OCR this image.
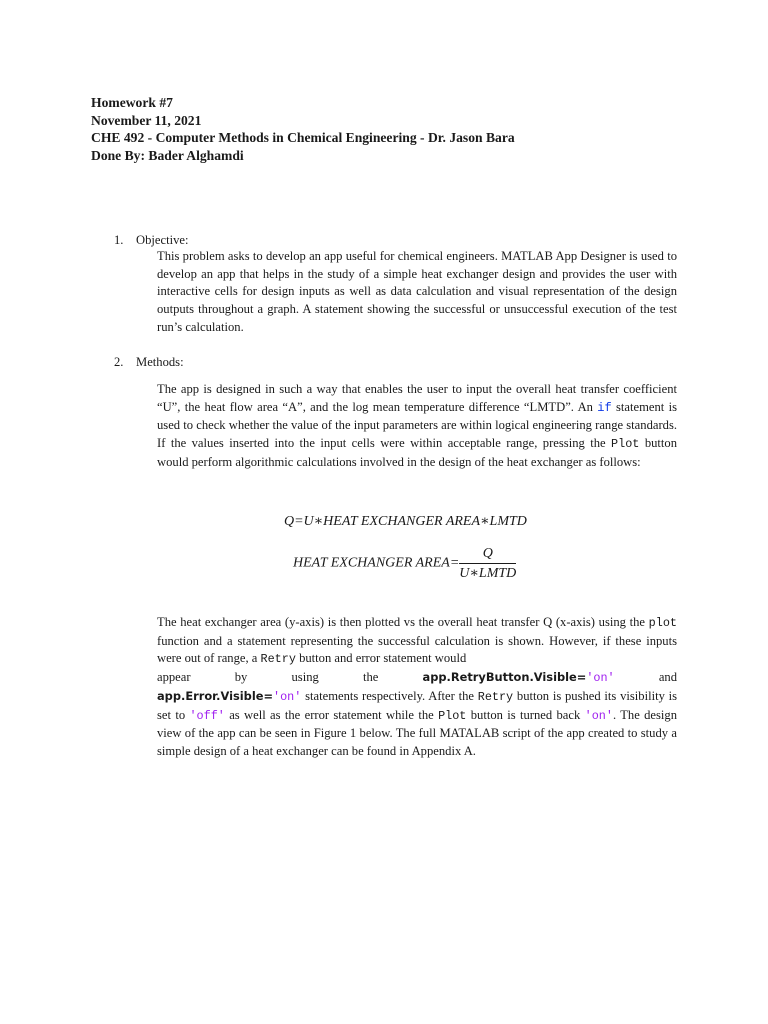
Homework #7
November 11, 2021
CHE 492 - Computer Methods in Chemical Engineering - Dr. Jason Bara
Done By: Bader Alghamdi
1. Objective:

This problem asks to develop an app useful for chemical engineers. MATLAB App Designer is used to develop an app that helps in the study of a simple heat exchanger design and provides the user with interactive cells for design inputs as well as data calculation and visual representation of the design outputs throughout a graph. A statement showing the successful or unsuccessful execution of the test run’s calculation.

2. Methods:

The app is designed in such a way that enables the user to input the overall heat transfer coefficient “U”, the heat flow area “A”, and the log mean temperature difference “LMTD”. An if statement is used to check whether the value of the input parameters are within logical engineering range standards. If the values inserted into the input cells were within acceptable range, pressing the Plot button would perform algorithmic calculations involved in the design of the heat exchanger as follows:

Q=U∗HEAT EXCHANGER AREA∗LMTD
HEAT EXCHANGER AREA= $\frac{Q}{\text{U∗LMTD}}$

The heat exchanger area (y-axis) is then plotted vs the overall heat transfer Q (x-axis) using the plot function and a statement representing the successful calculation is shown. However, if these inputs were out of range, a Retry button and error statement would

appear	by	using	the	app.RetryButton.Visible='on'	and

app.Error.Visible='on' statements respectively. After the Retry button is pushed its visibility is set to 'off' as well as the error statement while the Plot button is turned back 'on'. The design view of the app can be seen in Figure 1 below. The full MATALAB script of the app created to study a simple design of a heat exchanger can be found in Appendix A.
